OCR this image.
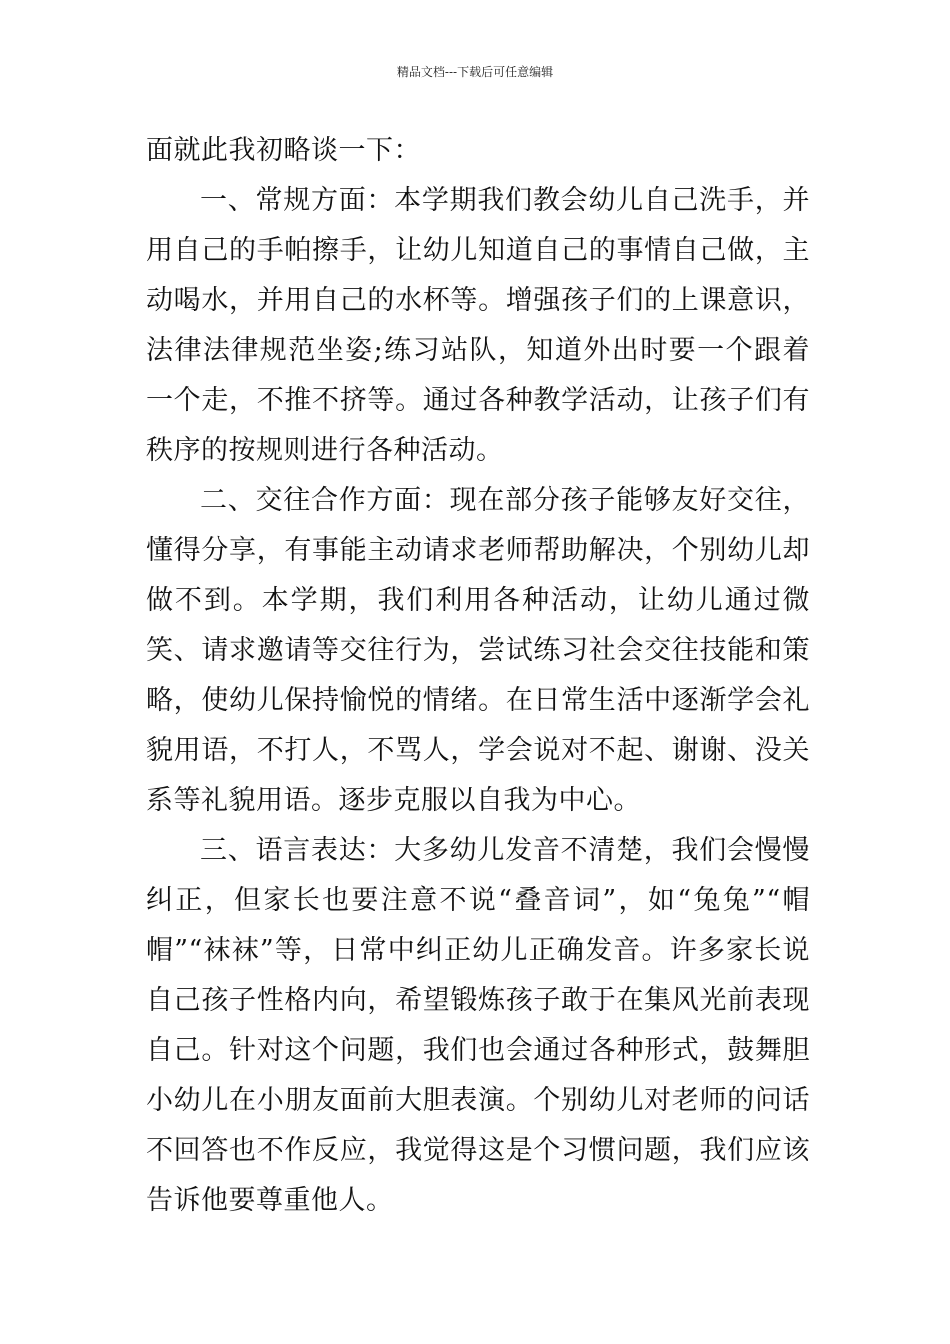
精品文档---下载后可任意编辑

面就此我初略谈一下：

一、常规方面：本学期我们教会幼儿自己洗手，并用自己的手帕擦手，让幼儿知道自己的事情自己做，主动喝水，并用自己的水杯等。增强孩子们的上课意识，法律法律规范坐姿;练习站队，知道外出时要一个跟着一个走，不推不挤等。通过各种教学活动，让孩子们有秩序的按规则进行各种活动。

二、交往合作方面：现在部分孩子能够友好交往，懂得分享，有事能主动请求老师帮助解决，个别幼儿却做不到。本学期，我们利用各种活动，让幼儿通过微笑、请求邀请等交往行为，尝试练习社会交往技能和策略，使幼儿保持愉悦的情绪。在日常生活中逐渐学会礼貌用语，不打人，不骂人，学会说对不起、谢谢、没关系等礼貌用语。逐步克服以自我为中心。

三、语言表达：大多幼儿发音不清楚，我们会慢慢纠正，但家长也要注意不说“叠音词”，如“兔兔”“帽帽”“袜袜”等，日常中纠正幼儿正确发音。许多家长说自己孩子性格内向，希望锻炼孩子敢于在集风光前表现自己。针对这个问题，我们也会通过各种形式，鼓舞胆小幼儿在小朋友面前大胆表演。个别幼儿对老师的问话不回答也不作反应，我觉得这是个习惯问题，我们应该告诉他要尊重他人。
